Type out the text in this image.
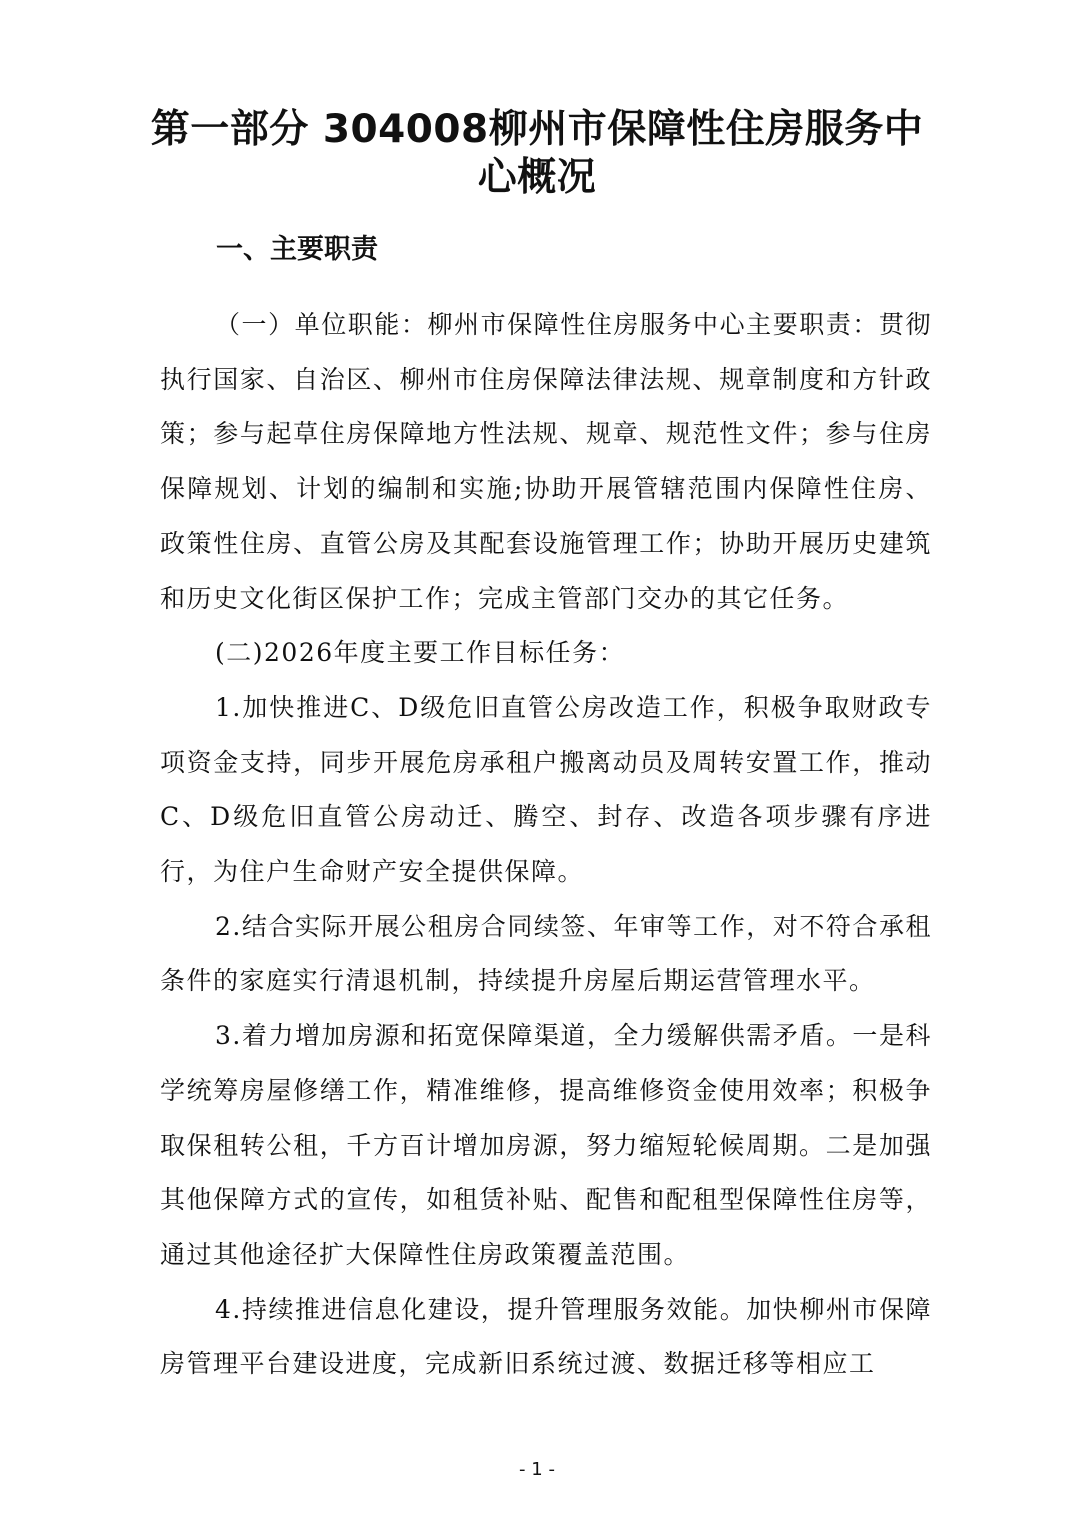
第一部分 304008柳州市保障性住房服务中
心概况
一、主要职责

（一）单位职能：柳州市保障性住房服务中心主要职责：贯彻执行国家、自治区、柳州市住房保障法律法规、规章制度和方针政策；参与起草住房保障地方性法规、规章、规范性文件；参与住房保障规划、计划的编制和实施;协助开展管辖范围内保障性住房、政策性住房、直管公房及其配套设施管理工作；协助开展历史建筑和历史文化街区保护工作；完成主管部门交办的其它任务。

(二)2026年度主要工作目标任务：

1.加快推进C、D级危旧直管公房改造工作，积极争取财政专项资金支持，同步开展危房承租户搬离动员及周转安置工作，推动C、D级危旧直管公房动迁、腾空、封存、改造各项步骤有序进行，为住户生命财产安全提供保障。

2.结合实际开展公租房合同续签、年审等工作，对不符合承租条件的家庭实行清退机制，持续提升房屋后期运营管理水平。

3.着力增加房源和拓宽保障渠道，全力缓解供需矛盾。一是科学统筹房屋修缮工作，精准维修，提高维修资金使用效率；积极争取保租转公租，千方百计增加房源，努力缩短轮候周期。二是加强其他保障方式的宣传，如租赁补贴、配售和配租型保障性住房等，通过其他途径扩大保障性住房政策覆盖范围。

4.持续推进信息化建设，提升管理服务效能。加快柳州市保障房管理平台建设进度，完成新旧系统过渡、数据迁移等相应工

- 1 -
